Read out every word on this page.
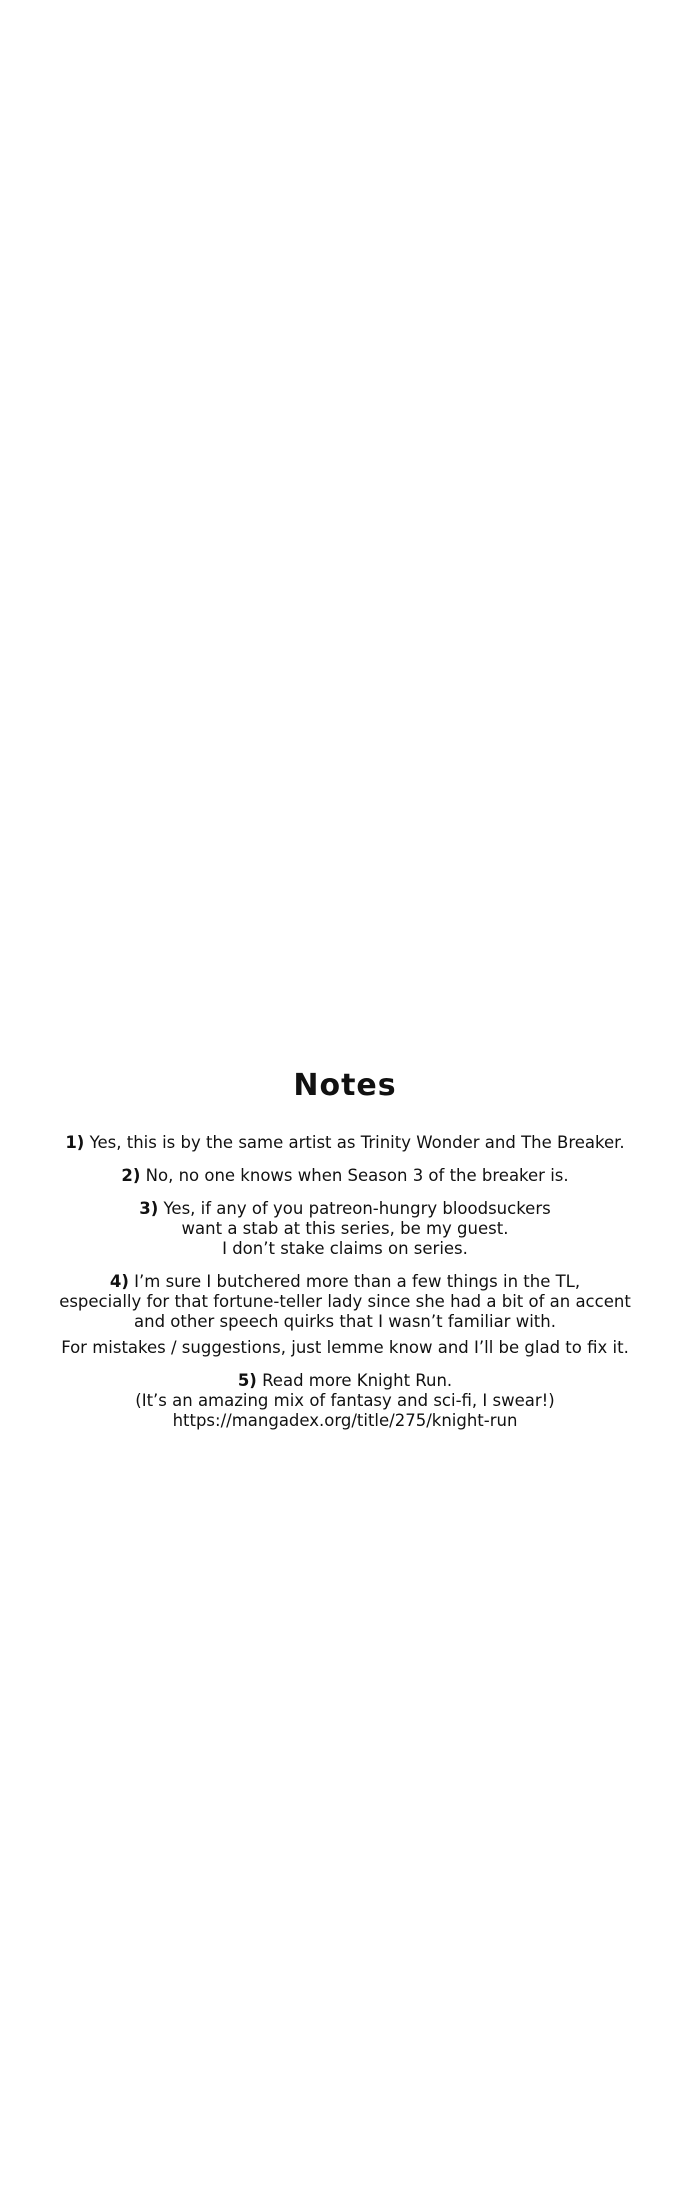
Notes

1) Yes, this is by the same artist as Trinity Wonder and The Breaker.

2) No, no one knows when Season 3 of the breaker is.

3) Yes, if any of you patreon-hungry bloodsuckers
want a stab at this series, be my guest.
I don’t stake claims on series.

4) I’m sure I butchered more than a few things in the TL,
especially for that fortune-teller lady since she had a bit of an accent
and other speech quirks that I wasn’t familiar with.
For mistakes / suggestions, just lemme know and I’ll be glad to fix it.

5) Read more Knight Run.
(It’s an amazing mix of fantasy and sci-fi, I swear!)
https://mangadex.org/title/275/knight-run
